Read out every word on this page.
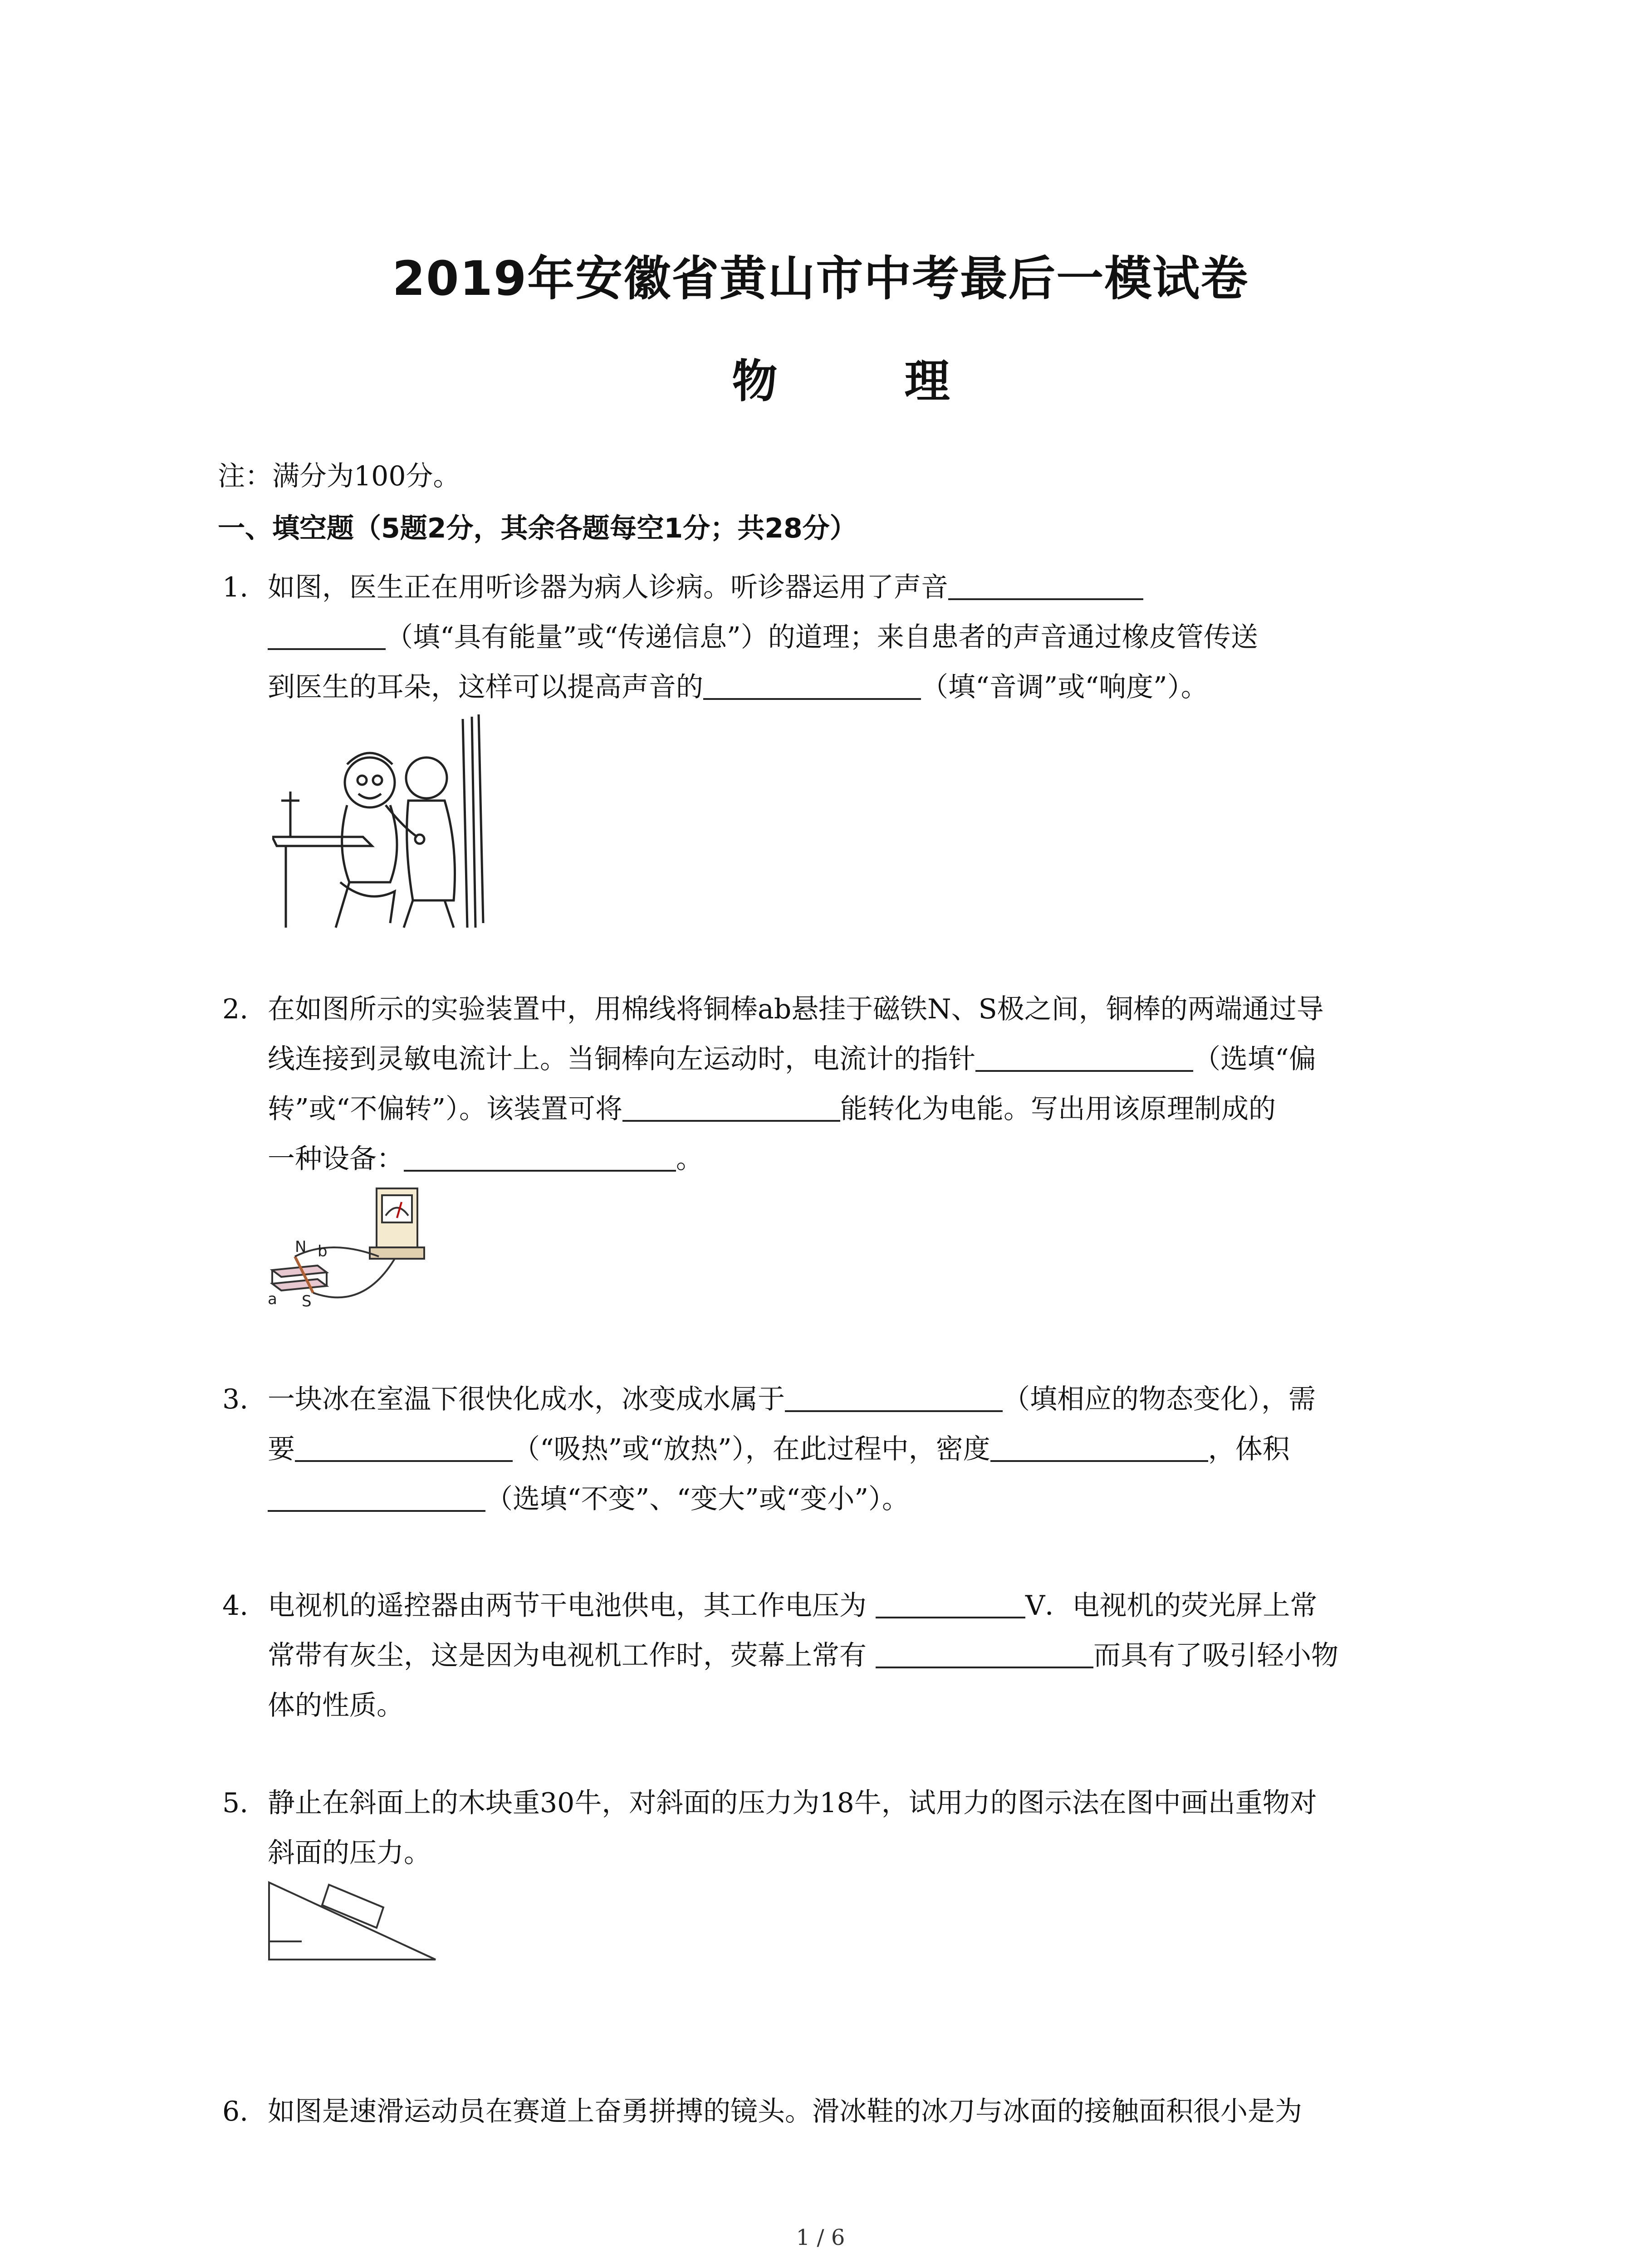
2019年安徽省黄山市中考最后一模试卷
物　理
注：满分为100分。
一、填空题（5题2分，其余各题每空1分；共28分）
1. 如图，医生正在用听诊器为病人诊病。听诊器运用了声音
（填“具有能量”或“传递信息”）的道理；来自患者的声音通过橡皮管传送
到医生的耳朵，这样可以提高声音的	（填“音调”或“响度”）。
2. 在如图所示的实验装置中，用棉线将铜棒ab悬挂于磁铁N、S极之间，铜棒的两端通过导
线连接到灵敏电流计上。当铜棒向左运动时，电流计的指针	（选填“偏
转”或“不偏转”）。该装置可将	能转化为电能。写出用该原理制成的
一种设备：	。
N b
a S
3. 一块冰在室温下很快化成水，冰变成水属于	（填相应的物态变化），需
要	（“吸热”或“放热”），在此过程中，密度	，体积
（选填“不变”、“变大”或“变小”）。
4. 电视机的遥控器由两节干电池供电，其工作电压为	V．电视机的荧光屏上常
常带有灰尘，这是因为电视机工作时，荧幕上常有	而具有了吸引轻小物
体的性质。
5. 静止在斜面上的木块重30牛，对斜面的压力为18牛，试用力的图示法在图中画出重物对
斜面的压力。
6. 如图是速滑运动员在赛道上奋勇拼搏的镜头。滑冰鞋的冰刀与冰面的接触面积很小是为
1 / 6
